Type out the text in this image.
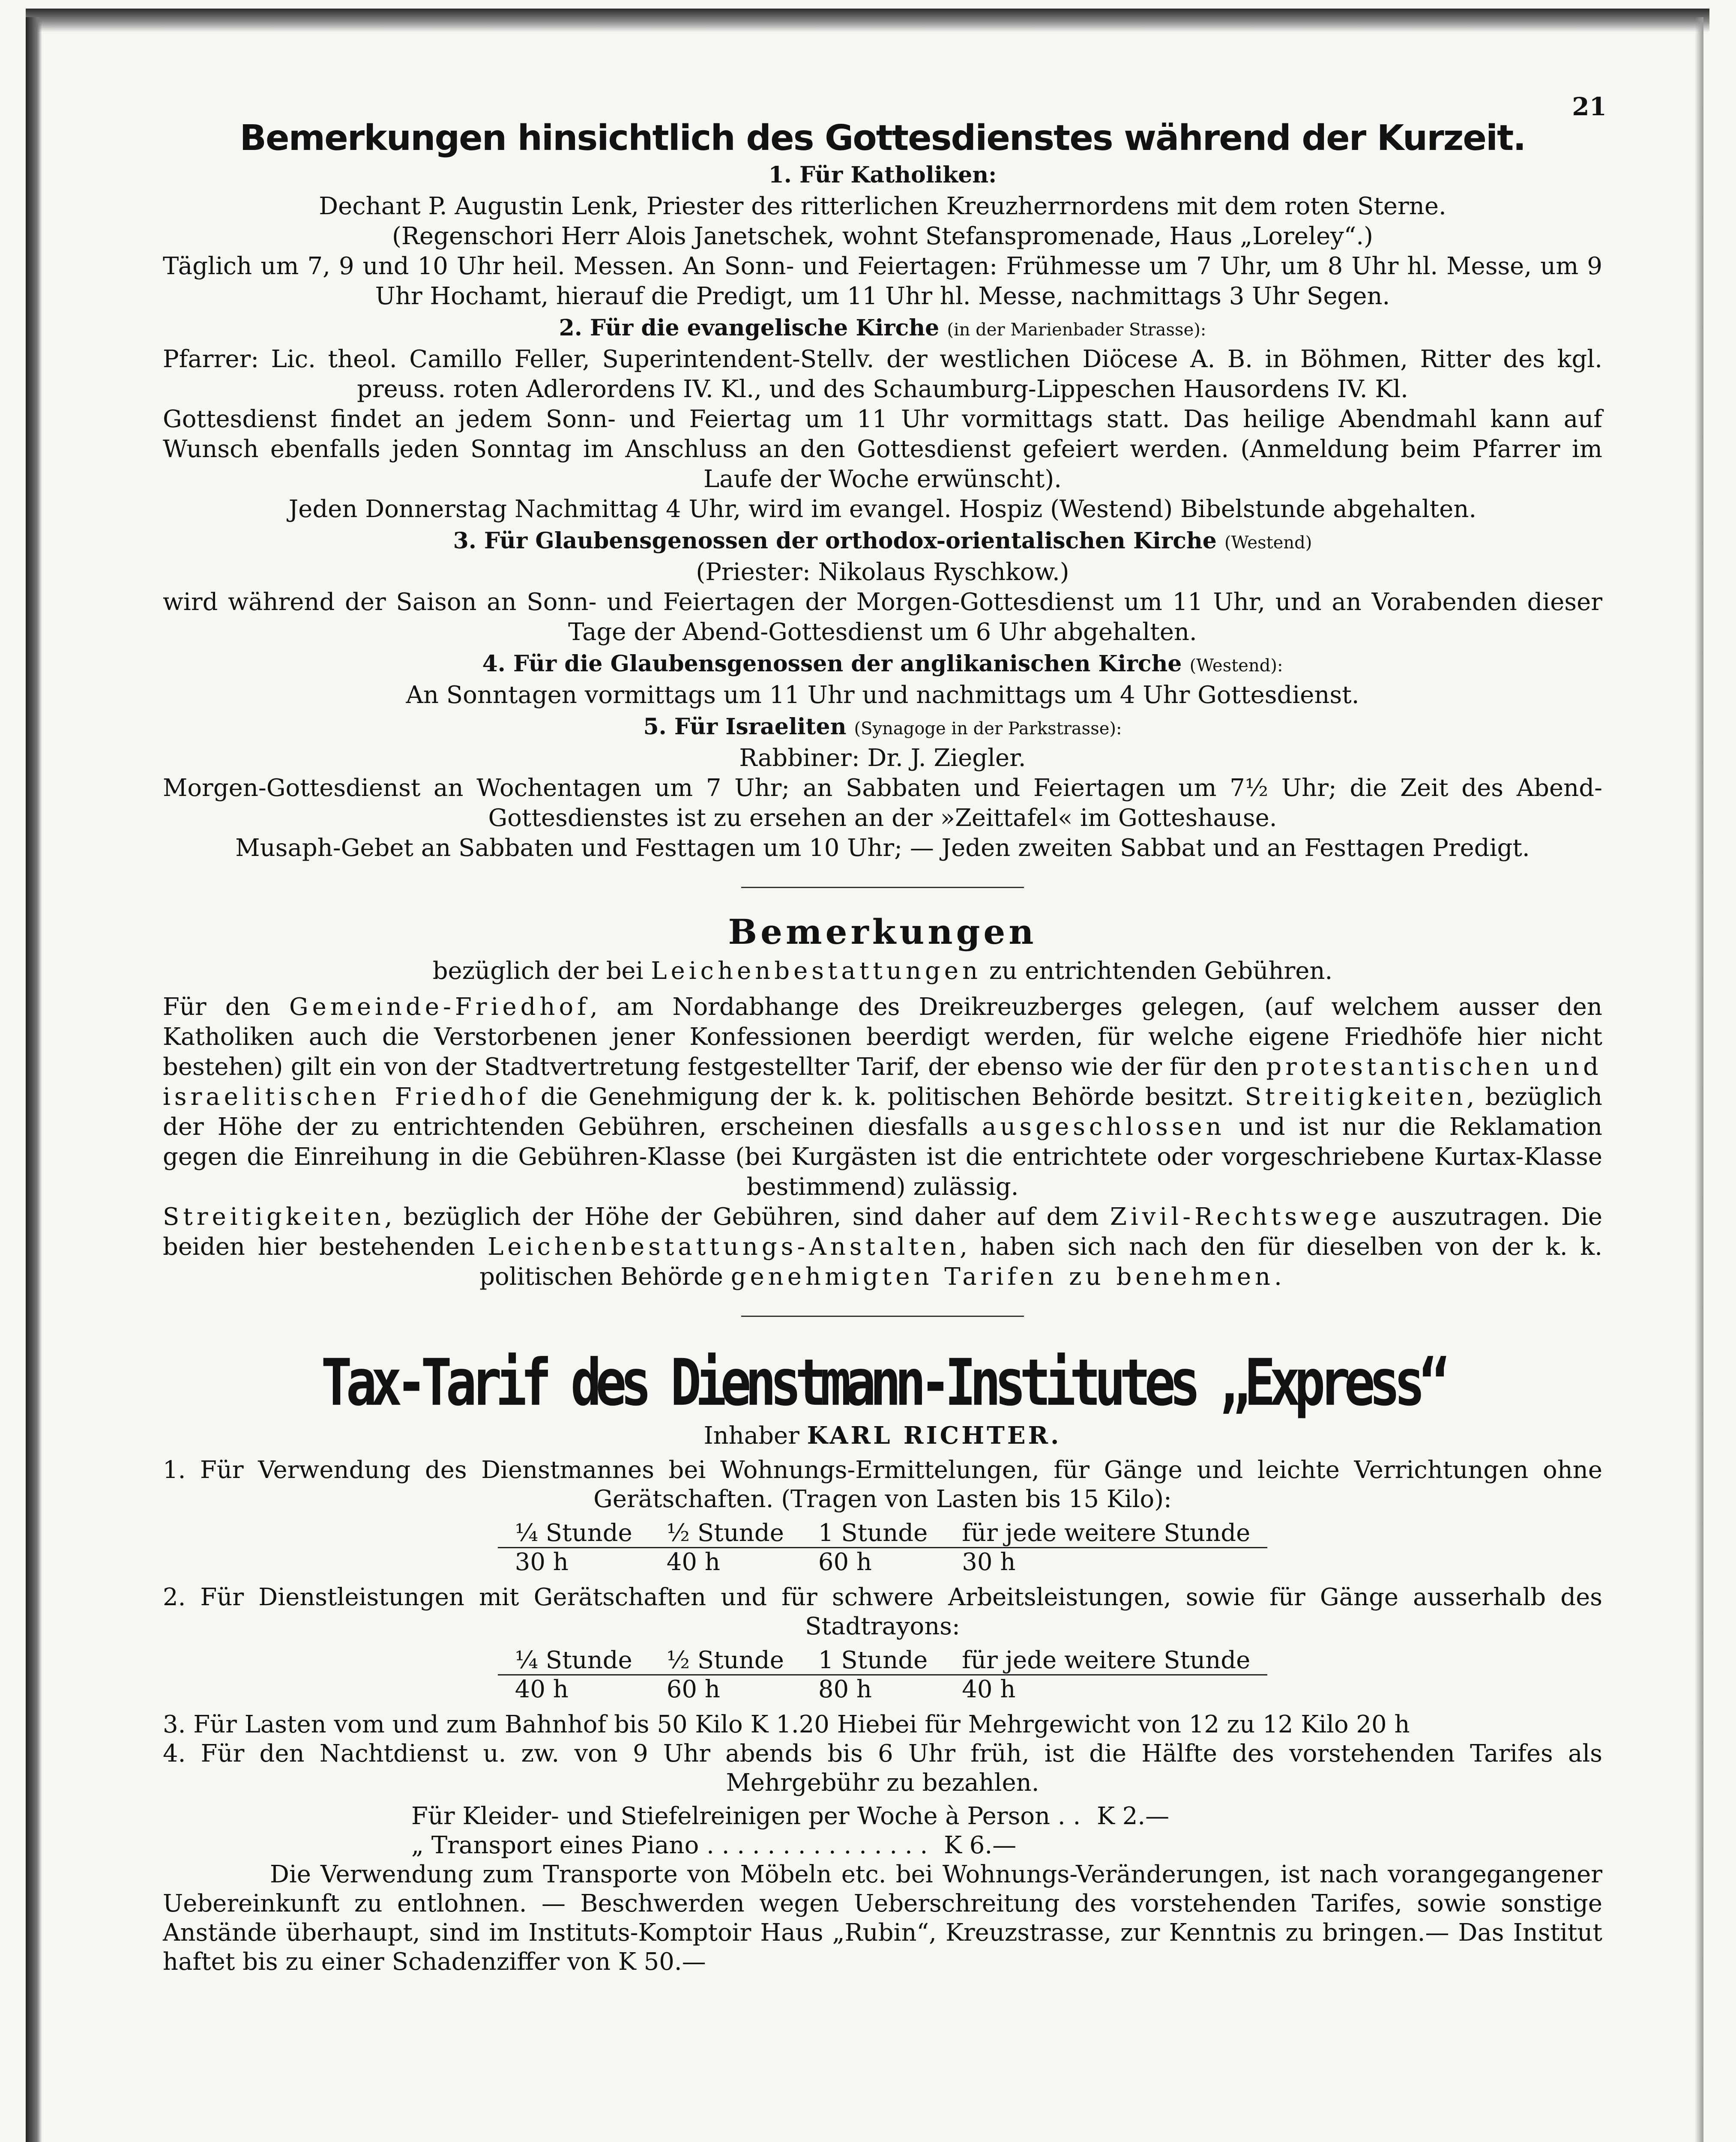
21

Bemerkungen hinsichtlich des Gottesdienstes während der Kurzeit.

1. Für Katholiken:

Dechant P. Augustin Lenk, Priester des ritterlichen Kreuzherrnordens mit dem roten Sterne.

(Regenschori Herr Alois Janetschek, wohnt Stefanspromenade, Haus „Loreley“.)

Täglich um 7, 9 und 10 Uhr heil. Messen. An Sonn- und Feiertagen: Frühmesse um 7 Uhr, um 8 Uhr hl. Messe, um 9 Uhr Hochamt, hierauf die Predigt, um 11 Uhr hl. Messe, nachmittags 3 Uhr Segen.

2. Für die evangelische Kirche (in der Marienbader Strasse):

Pfarrer: Lic. theol. Camillo Feller, Superintendent-Stellv. der westlichen Diöcese A. B. in Böhmen, Ritter des kgl. preuss. roten Adlerordens IV. Kl., und des Schaumburg-Lippeschen Hausordens IV. Kl.

Gottesdienst findet an jedem Sonn- und Feiertag um 11 Uhr vormittags statt. Das heilige Abendmahl kann auf Wunsch ebenfalls jeden Sonntag im Anschluss an den Gottesdienst gefeiert werden. (Anmeldung beim Pfarrer im Laufe der Woche erwünscht).

Jeden Donnerstag Nachmittag 4 Uhr, wird im evangel. Hospiz (Westend) Bibelstunde abgehalten.

3. Für Glaubensgenossen der orthodox-orientalischen Kirche (Westend)

(Priester: Nikolaus Ryschkow.)

wird während der Saison an Sonn- und Feiertagen der Morgen-Gottesdienst um 11 Uhr, und an Vorabenden dieser Tage der Abend-Gottesdienst um 6 Uhr abgehalten.

4. Für die Glaubensgenossen der anglikanischen Kirche (Westend):

An Sonntagen vormittags um 11 Uhr und nachmittags um 4 Uhr Gottesdienst.

5. Für Israeliten (Synagoge in der Parkstrasse):

Rabbiner: Dr. J. Ziegler.

Morgen-Gottesdienst an Wochentagen um 7 Uhr; an Sabbaten und Feiertagen um 7½ Uhr; die Zeit des Abend-Gottesdienstes ist zu ersehen an der »Zeittafel« im Gotteshause.

Musaph-Gebet an Sabbaten und Festtagen um 10 Uhr; — Jeden zweiten Sabbat und an Festtagen Predigt.

Bemerkungen

bezüglich der bei Leichenbestattungen zu entrichtenden Gebühren.

Für den Gemeinde-Friedhof, am Nordabhange des Dreikreuzberges gelegen, (auf welchem ausser den Katholiken auch die Verstorbenen jener Konfessionen beerdigt werden, für welche eigene Friedhöfe hier nicht bestehen) gilt ein von der Stadtvertretung festgestellter Tarif, der ebenso wie der für den protestantischen und israelitischen Friedhof die Genehmigung der k. k. politischen Behörde besitzt. Streitigkeiten, bezüglich der Höhe der zu entrichtenden Gebühren, erscheinen diesfalls ausgeschlossen und ist nur die Reklamation gegen die Einreihung in die Gebühren-Klasse (bei Kurgästen ist die entrichtete oder vorgeschriebene Kurtax-Klasse bestimmend) zulässig.

Streitigkeiten, bezüglich der Höhe der Gebühren, sind daher auf dem Zivil-Rechtswege auszutragen. Die beiden hier bestehenden Leichenbestattungs-Anstalten, haben sich nach den für dieselben von der k. k. politischen Behörde genehmigten Tarifen zu benehmen.

Tax-Tarif des Dienstmann-Institutes „Express“

Inhaber KARL RICHTER.

1. Für Verwendung des Dienstmannes bei Wohnungs-Ermittelungen, für Gänge und leichte Verrichtungen ohne Gerätschaften. (Tragen von Lasten bis 15 Kilo):

¼ Stunde	½ Stunde	1 Stunde	für jede weitere Stunde
30 h	40 h	60 h	30 h

2. Für Dienstleistungen mit Gerätschaften und für schwere Arbeitsleistungen, sowie für Gänge ausserhalb des Stadtrayons:

¼ Stunde	½ Stunde	1 Stunde	für jede weitere Stunde
40 h	60 h	80 h	40 h

3. Für Lasten vom und zum Bahnhof bis 50 Kilo K 1.20 Hiebei für Mehrgewicht von 12 zu 12 Kilo 20 h

4. Für den Nachtdienst u. zw. von 9 Uhr abends bis 6 Uhr früh, ist die Hälfte des vorstehenden Tarifes als Mehrgebühr zu bezahlen.

Für Kleider- und Stiefelreinigen per Woche à Person . . K 2.—

„ Transport eines Piano . . . . . . . . . . . . . . . K 6.—

Die Verwendung zum Transporte von Möbeln etc. bei Wohnungs-Veränderungen, ist nach vorangegangener Uebereinkunft zu entlohnen. — Beschwerden wegen Ueberschreitung des vorstehenden Tarifes, sowie sonstige Anstände überhaupt, sind im Instituts-Komptoir Haus „Rubin“, Kreuzstrasse, zur Kenntnis zu bringen.— Das Institut haftet bis zu einer Schadenziffer von K 50.—
